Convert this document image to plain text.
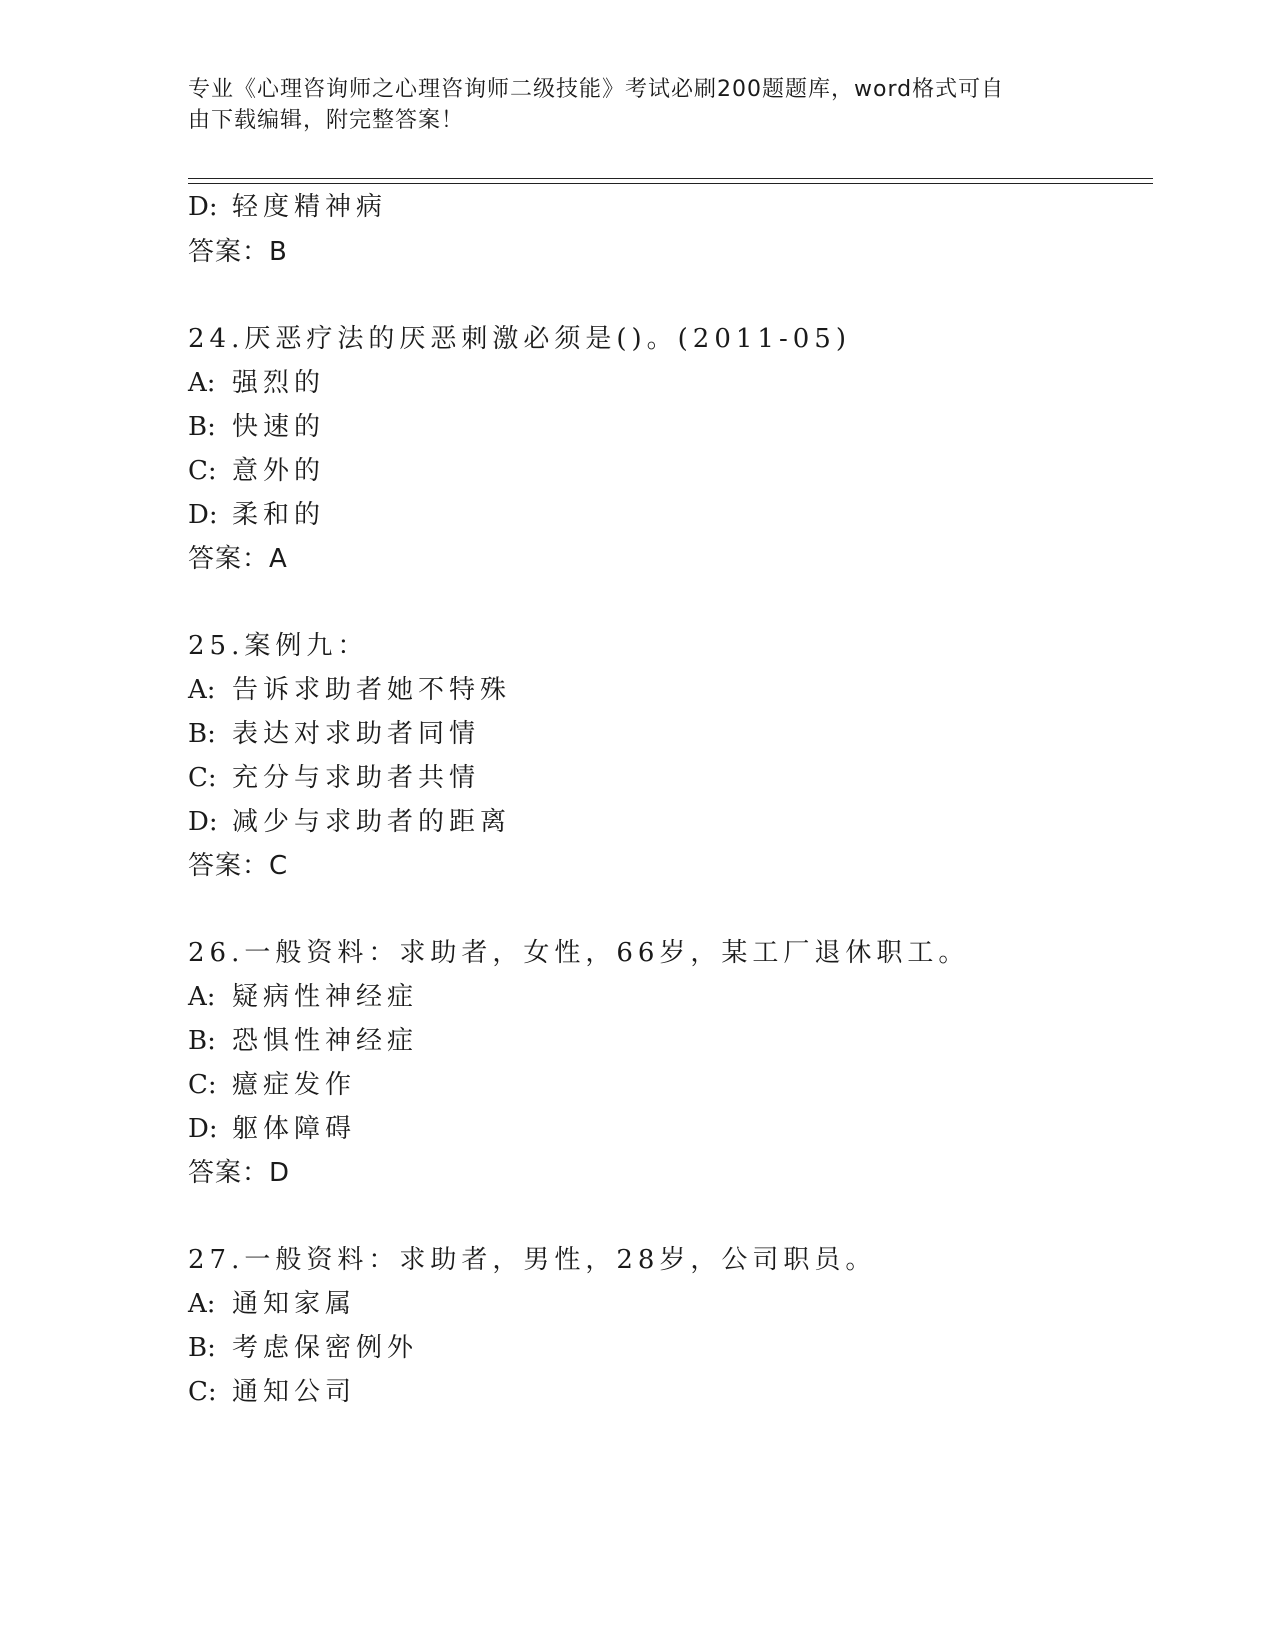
专业《心理咨询师之心理咨询师二级技能》考试必刷200题题库，word格式可自
由下载编辑，附完整答案！
D: 轻度精神病
答案：B
24.厌恶疗法的厌恶刺激必须是()。(2011-05)
A: 强烈的
B: 快速的
C: 意外的
D: 柔和的
答案：A
25.案例九：
A: 告诉求助者她不特殊
B: 表达对求助者同情
C: 充分与求助者共情
D: 减少与求助者的距离
答案：C
26.一般资料：求助者，女性，66岁，某工厂退休职工。
A: 疑病性神经症
B: 恐惧性神经症
C: 癔症发作
D: 躯体障碍
答案：D
27.一般资料：求助者，男性，28岁，公司职员。
A: 通知家属
B: 考虑保密例外
C: 通知公司
